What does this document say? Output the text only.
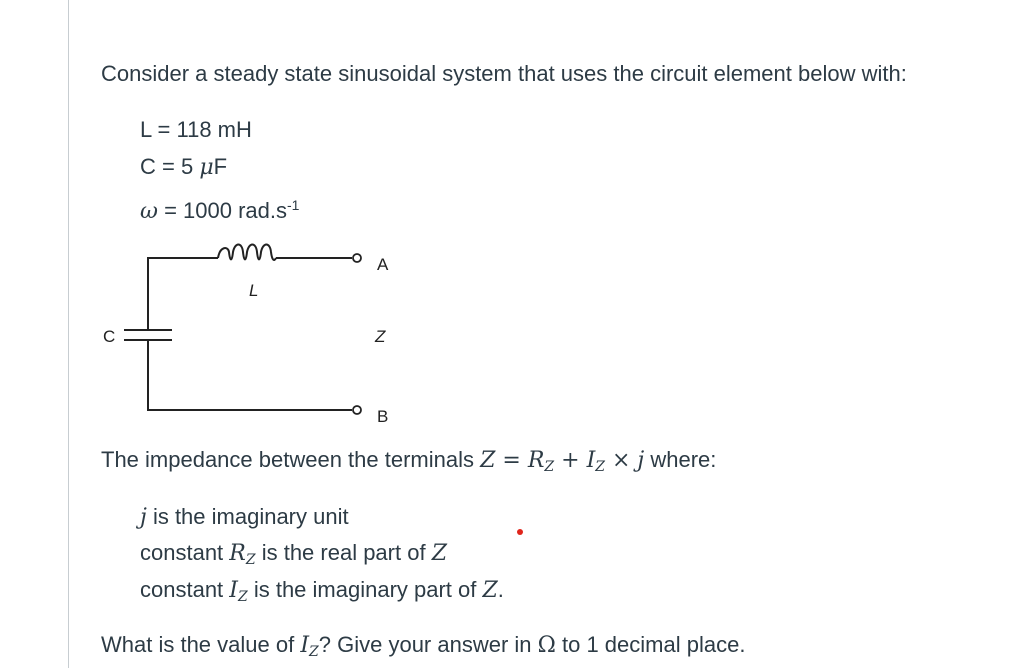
Consider a steady state sinusoidal system that uses the circuit element below with:
L = 118 mH
C = 5 μF
ω = 1000 $rad.s^{-1}$
A
B
L
C	Z
The impedance between the terminals $Z = R_Z + I_Z \times j$ where:
j is the imaginary unit
constant $R_Z$ is the real part of Z
constant $I_Z$ is the imaginary part of Z.
What is the value of $I_Z$? Give your answer in Ω to 1 decimal place.
